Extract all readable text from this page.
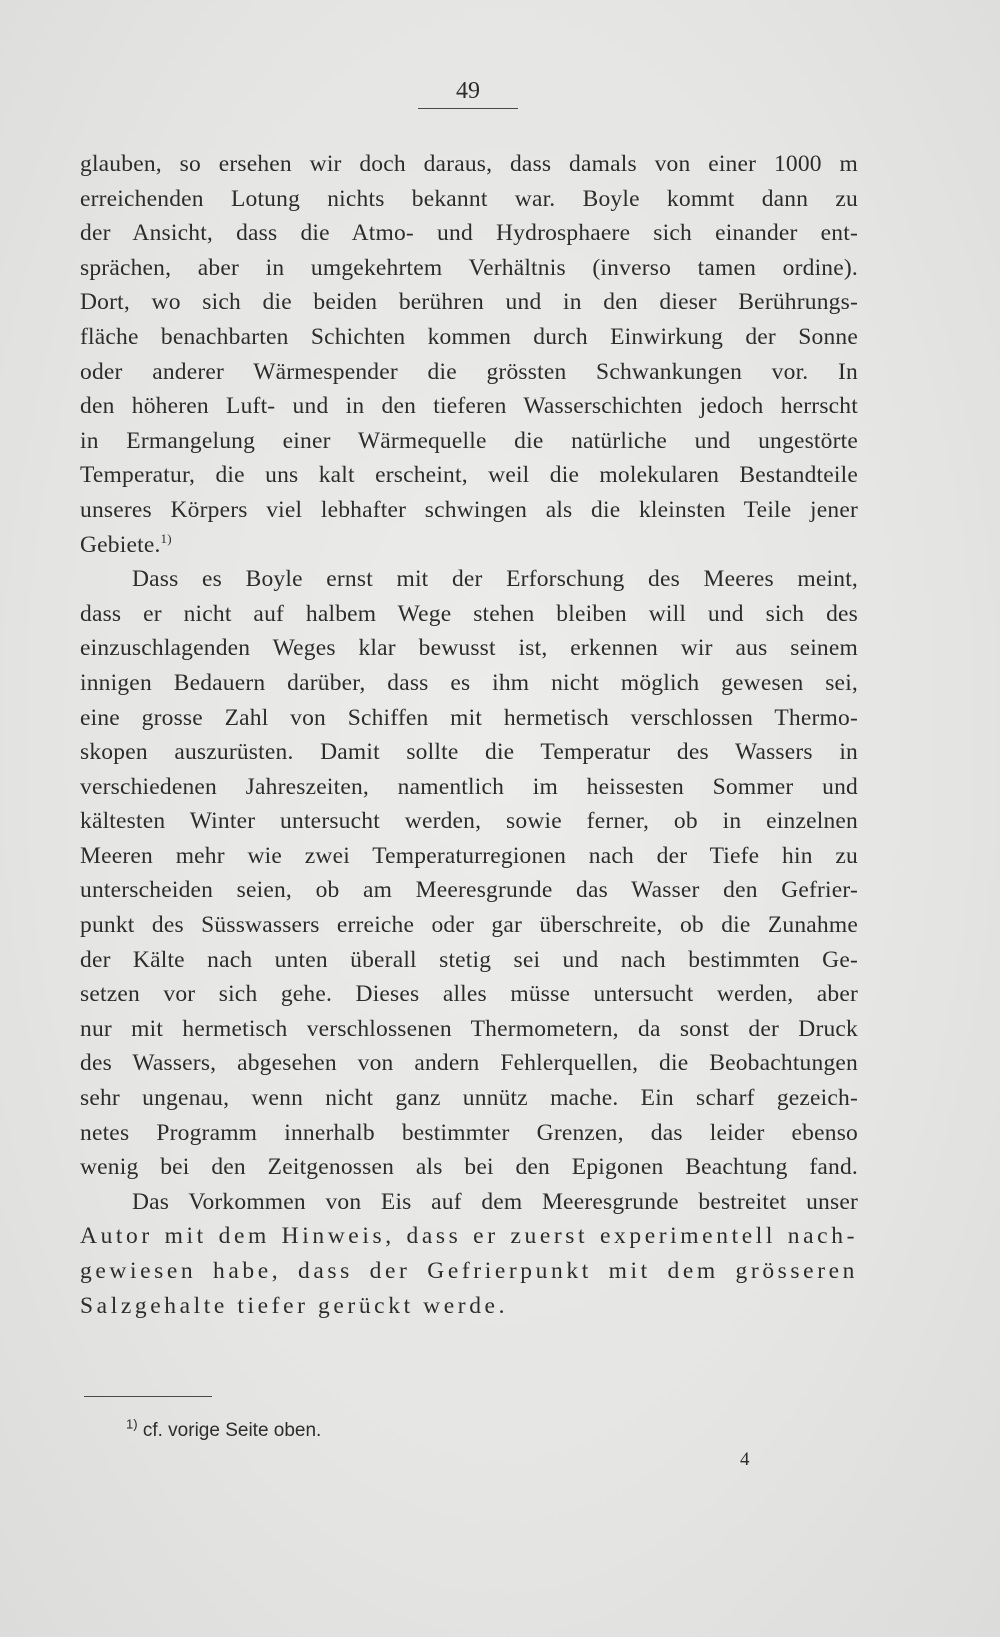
49
glauben, so ersehen wir doch daraus, dass damals von einer 1000 m
erreichenden Lotung nichts bekannt war. Boyle kommt dann zu
der Ansicht, dass die Atmo- und Hydrosphaere sich einander ent-
sprächen, aber in umgekehrtem Verhältnis (inverso tamen ordine).
Dort, wo sich die beiden berühren und in den dieser Berührungs-
fläche benachbarten Schichten kommen durch Einwirkung der Sonne
oder anderer Wärmespender die grössten Schwankungen vor. In
den höheren Luft- und in den tieferen Wasserschichten jedoch herrscht
in Ermangelung einer Wärmequelle die natürliche und ungestörte
Temperatur, die uns kalt erscheint, weil die molekularen Bestandteile
unseres Körpers viel lebhafter schwingen als die kleinsten Teile jener
Gebiete.$^{1)}$
Dass es Boyle ernst mit der Erforschung des Meeres meint,
dass er nicht auf halbem Wege stehen bleiben will und sich des
einzuschlagenden Weges klar bewusst ist, erkennen wir aus seinem
innigen Bedauern darüber, dass es ihm nicht möglich gewesen sei,
eine grosse Zahl von Schiffen mit hermetisch verschlossen Thermo-
skopen auszurüsten. Damit sollte die Temperatur des Wassers in
verschiedenen Jahreszeiten, namentlich im heissesten Sommer und
kältesten Winter untersucht werden, sowie ferner, ob in einzelnen
Meeren mehr wie zwei Temperaturregionen nach der Tiefe hin zu
unterscheiden seien, ob am Meeresgrunde das Wasser den Gefrier-
punkt des Süsswassers erreiche oder gar überschreite, ob die Zunahme
der Kälte nach unten überall stetig sei und nach bestimmten Ge-
setzen vor sich gehe. Dieses alles müsse untersucht werden, aber
nur mit hermetisch verschlossenen Thermometern, da sonst der Druck
des Wassers, abgesehen von andern Fehlerquellen, die Beobachtungen
sehr ungenau, wenn nicht ganz unnütz mache. Ein scharf gezeich-
netes Programm innerhalb bestimmter Grenzen, das leider ebenso
wenig bei den Zeitgenossen als bei den Epigonen Beachtung fand.
Das Vorkommen von Eis auf dem Meeresgrunde bestreitet unser
Autor mit dem Hinweis, dass er zuerst experimentell nach-
gewiesen habe, dass der Gefrierpunkt mit dem grösseren
Salzgehalte tiefer gerückt werde.
$^{1)}$ cf. vorige Seite oben.
4
